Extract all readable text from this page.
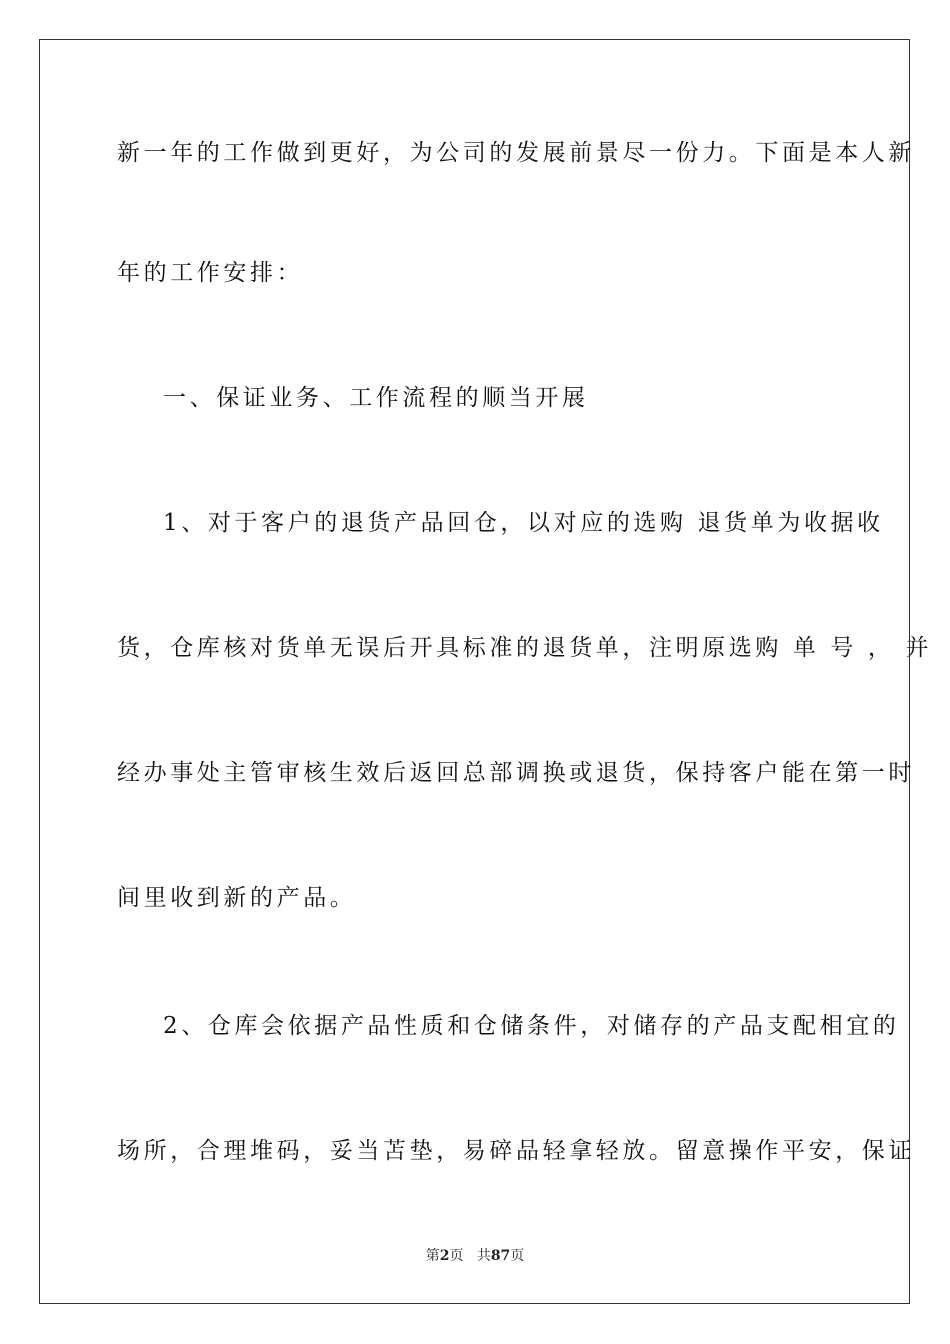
新一年的工作做到更好，为公司的发展前景尽一份力。下面是本人新
年的工作安排：
一、保证业务、工作流程的顺当开展
1、对于客户的退货产品回仓，以对应的选购 退货单为收据收
货，仓库核对货单无误后开具标准的退货单，注明原选购 单 号 ， 并
经办事处主管审核生效后返回总部调换或退货，保持客户能在第一时
间里收到新的产品。
2、仓库会依据产品性质和仓储条件，对储存的产品支配相宜的
场所，合理堆码，妥当苫垫，易碎品轻拿轻放。留意操作平安，保证
第2页 共87页
